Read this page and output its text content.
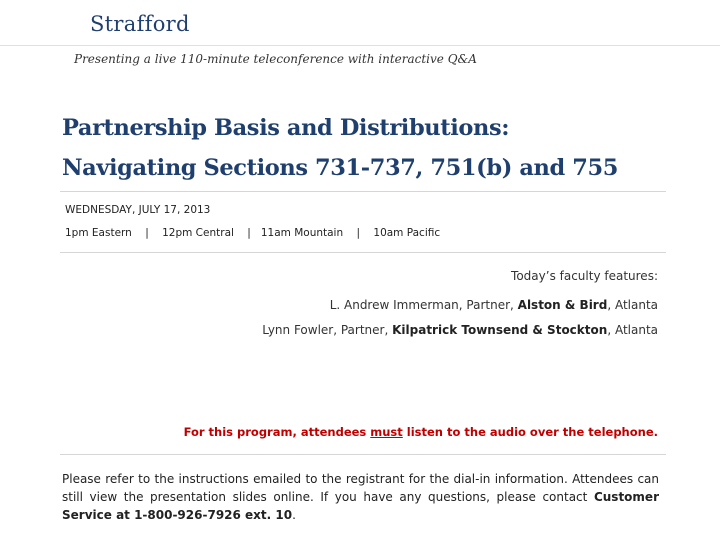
Strafford
Presenting a live 110-minute teleconference with interactive Q&A
Partnership Basis and Distributions:
Navigating Sections 731-737, 751(b) and 755
WEDNESDAY, JULY 17, 2013
1pm Eastern | 12pm Central | 11am Mountain | 10am Pacific
Today’s faculty features:
L. Andrew Immerman, Partner, Alston & Bird, Atlanta
Lynn Fowler, Partner, Kilpatrick Townsend & Stockton, Atlanta
For this program, attendees must listen to the audio over the telephone.
Please refer to the instructions emailed to the registrant for the dial-in information. Attendees can still view the presentation slides online. If you have any questions, please contact Customer Service at 1-800-926-7926 ext. 10.
